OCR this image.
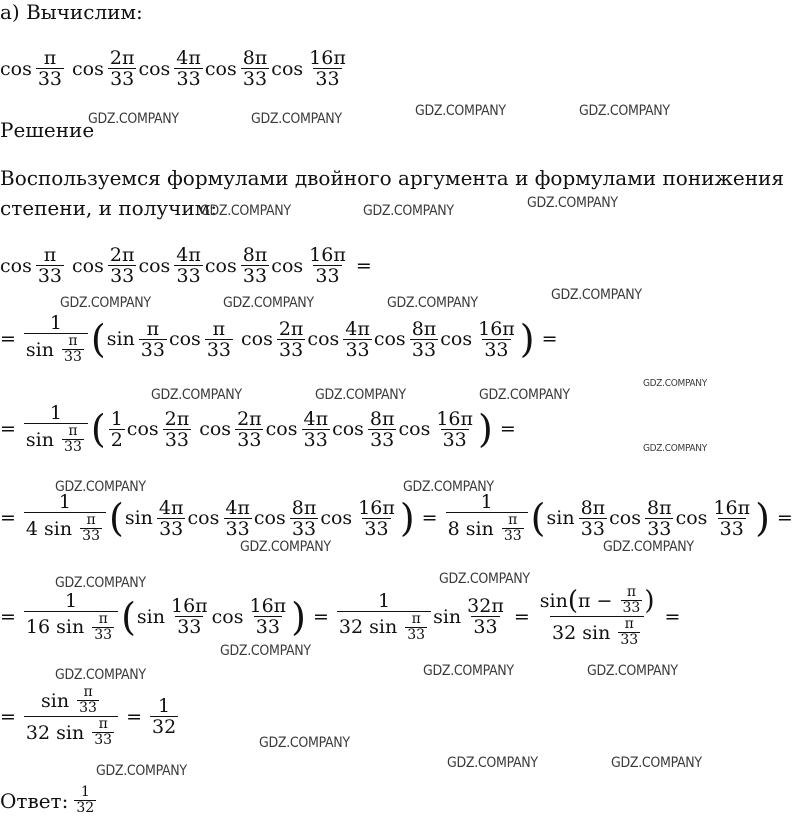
а) Вычислим:
Решение
Воспользуемся формулами двойного аргумента и формулами понижения
степени, и получим:
$\cos \frac{\pi}{33}$ $\cos \frac{2\pi}{33}$ $\cos \frac{4\pi}{33}$ $\cos \frac{8\pi}{33}$ $\cos \frac{16\pi}{33}$
$\cos \frac{\pi}{33}$ $\cos \frac{2\pi}{33}$ $\cos \frac{4\pi}{33}$ $\cos \frac{8\pi}{33}$ $\cos \frac{16\pi}{33}$ =
= 1
sin
$\frac{\pi}{33}$ ( $\sin \frac{\pi}{33}$ $\cos \frac{\pi}{33}$ $\cos \frac{2\pi}{33}$ $\cos \frac{4\pi}{33}$ $\cos \frac{8\pi}{33}$ $\cos \frac{16\pi}{33}$ ) =
= 1
sin
$\frac{\pi}{33}$ ( $\frac{1}{2}$ $\cos \frac{2\pi}{33}$ $\cos \frac{2\pi}{33}$ $\cos \frac{4\pi}{33}$ $\cos \frac{8\pi}{33}$ $\cos \frac{16\pi}{33}$ ) =
= 1
4 sin
$\frac{\pi}{33}$ ( $\sin \frac{4\pi}{33}$ $\cos \frac{4\pi}{33}$ $\cos \frac{8\pi}{33}$ $\cos \frac{16\pi}{33}$ ) = 1
8 sin
$\frac{\pi}{33}$ ( $\sin \frac{8\pi}{33}$ $\cos \frac{8\pi}{33}$ $\cos \frac{16\pi}{33}$ ) =
= 1
16 sin
$\frac{\pi}{33}$ ( $\sin \frac{16\pi}{33}$ $\cos \frac{16\pi}{33}$ ) = 1
32 sin
$\frac{\pi}{33}$ $\sin \frac{32\pi}{33} = \sin$ ( π
−
$\frac{\pi}{33}$ )
32 sin
$\frac{\pi}{33}$ =
= sin
$\frac{\pi}{33}$
32 sin
$\frac{\pi}{33} = \frac{1}{32}$
Ответ: $\frac{1}{32}$
GDZ.COMPANY	GDZ.COMPANY	GDZ.COMPANY	GDZ.COMPANY
GDZ.COMPANY	GDZ.COMPANY	GDZ.COMPANY
GDZ.COMPANY	GDZ.COMPANY	GDZ.COMPANY	GDZ.COMPANY
GDZ.COMPANY	GDZ.COMPANY	GDZ.COMPANY
GDZ.COMPANY
GDZ.COMPANY
GDZ.COMPANY	GDZ.COMPANY
GDZ.COMPANY	GDZ.COMPANY
GDZ.COMPANY	GDZ.COMPANY
GDZ.COMPANY
GDZ.COMPANY	GDZ.COMPANY	GDZ.COMPANY
GDZ.COMPANY
GDZ.COMPANY	GDZ.COMPANY	GDZ.COMPANY
